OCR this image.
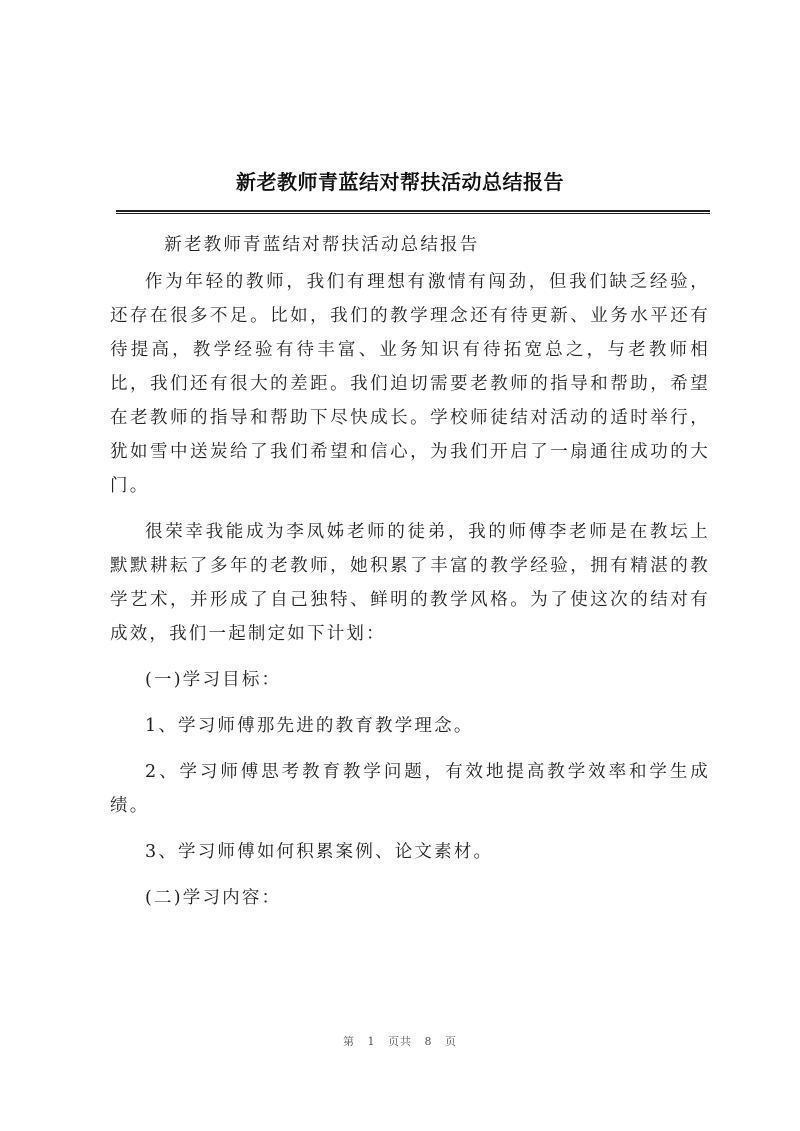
新老教师青蓝结对帮扶活动总结报告

新老教师青蓝结对帮扶活动总结报告

作为年轻的教师，我们有理想有激情有闯劲，但我们缺乏经验，还存在很多不足。比如，我们的教学理念还有待更新、业务水平还有待提高，教学经验有待丰富、业务知识有待拓宽总之，与老教师相比，我们还有很大的差距。我们迫切需要老教师的指导和帮助，希望在老教师的指导和帮助下尽快成长。学校师徒结对活动的适时举行，犹如雪中送炭给了我们希望和信心，为我们开启了一扇通往成功的大门。

很荣幸我能成为李凤姊老师的徒弟，我的师傅李老师是在教坛上默默耕耘了多年的老教师，她积累了丰富的教学经验，拥有精湛的教学艺术，并形成了自己独特、鲜明的教学风格。为了使这次的结对有成效，我们一起制定如下计划：

(一)学习目标：

1、学习师傅那先进的教育教学理念。

2、学习师傅思考教育教学问题，有效地提高教学效率和学生成绩。

3、学习师傅如何积累案例、论文素材。

(二)学习内容：

第 1 页共 8 页
